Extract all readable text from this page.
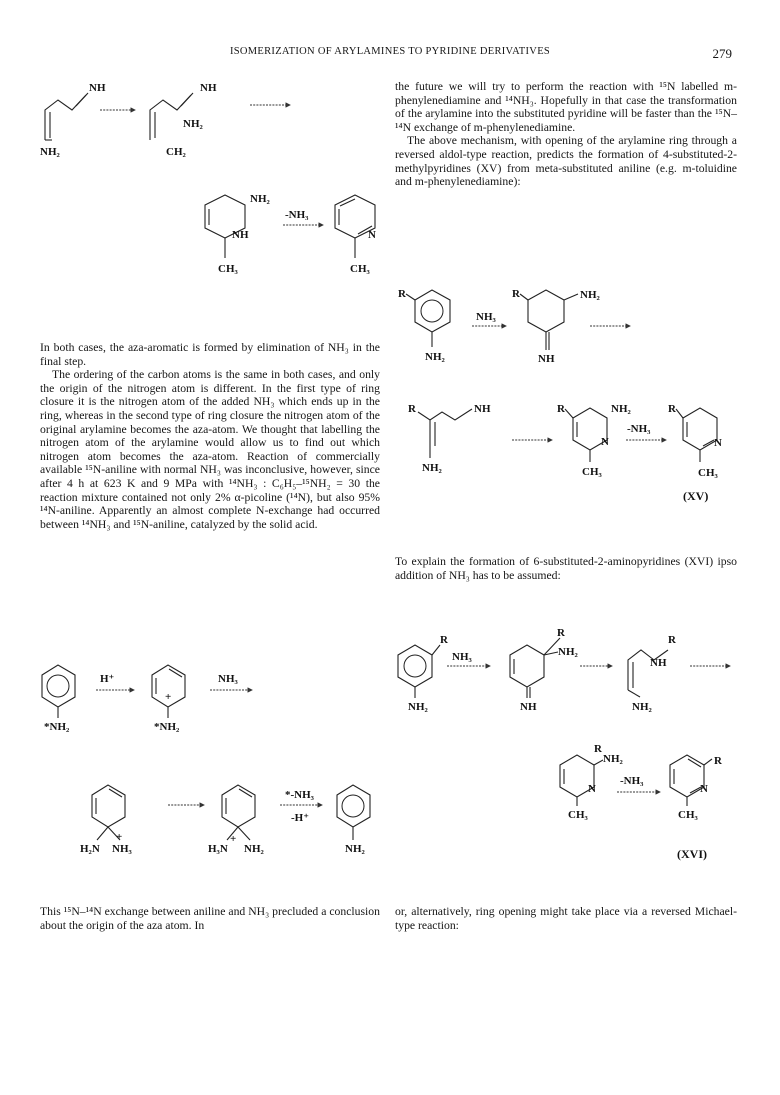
ISOMERIZATION OF ARYLAMINES TO PYRIDINE DERIVATIVES	279
the future we will try to perform the reaction with ¹⁵N labelled m-phenylenediamine and ¹⁴NH₃. Hopefully in that case the transformation of the arylamine into the substituted pyridine will be faster than the ¹⁵N–¹⁴N exchange of m-phenylenediamine.
The above mechanism, with opening of the arylamine ring through a reversed aldol-type reaction, predicts the formation of 4-substituted-2-methylpyridines (XV) from meta-substituted aniline (e.g. m-toluidine and m-phenylenediamine):
In both cases, the aza-aromatic is formed by elimination of NH₃ in the final step.
The ordering of the carbon atoms is the same in both cases, and only the origin of the nitrogen atom is different. In the first type of ring closure it is the nitrogen atom of the added NH₃ which ends up in the ring, whereas in the second type of ring closure the nitrogen atom of the original arylamine becomes the aza-atom. We thought that labelling the nitrogen atom of the arylamine would allow us to find out which nitrogen atom becomes the aza-atom. Reaction of commercially available ¹⁵N-aniline with normal NH₃ was inconclusive, however, since after 4 h at 623 K and 9 MPa with ¹⁴NH₃ : C₆H₅–¹⁵NH₂ = 30 the reaction mixture contained not only 2% α-picoline (¹⁴N), but also 95% ¹⁴N-aniline. Apparently an almost complete N-exchange had occurred between ¹⁴NH₃ and ¹⁵N-aniline, catalyzed by the solid acid.
To explain the formation of 6-substituted-2-aminopyridines (XVI) ipso addition of NH₃ has to be assumed:
This ¹⁵N–¹⁴N exchange between aniline and NH₃ precluded a conclusion about the origin of the aza atom. In
or, alternatively, ring opening might take place via a reversed Michael-type reaction:
NH
NH₂
NH
NH₂
CH₂
NH₂
NH
CH₃
-NH₃
N
CH₃
R
NH₂
NH₃
R	NH₂
NH
R	NH
NH₂
R	NH₂
N
CH₃
-NH₃
R
N
CH₃
(XV)
*NH₂
H⁺
+
*NH₂
NH₃
H₂N NH₃
+
H₃N NH₂
+
*-NH₃
-H⁺
NH₂
R
NH₂
NH₃
R
NH₂
NH
R
NH
NH₂
R
NH₂
N
CH₃
-NH₃
R
N
CH₃
(XVI)
